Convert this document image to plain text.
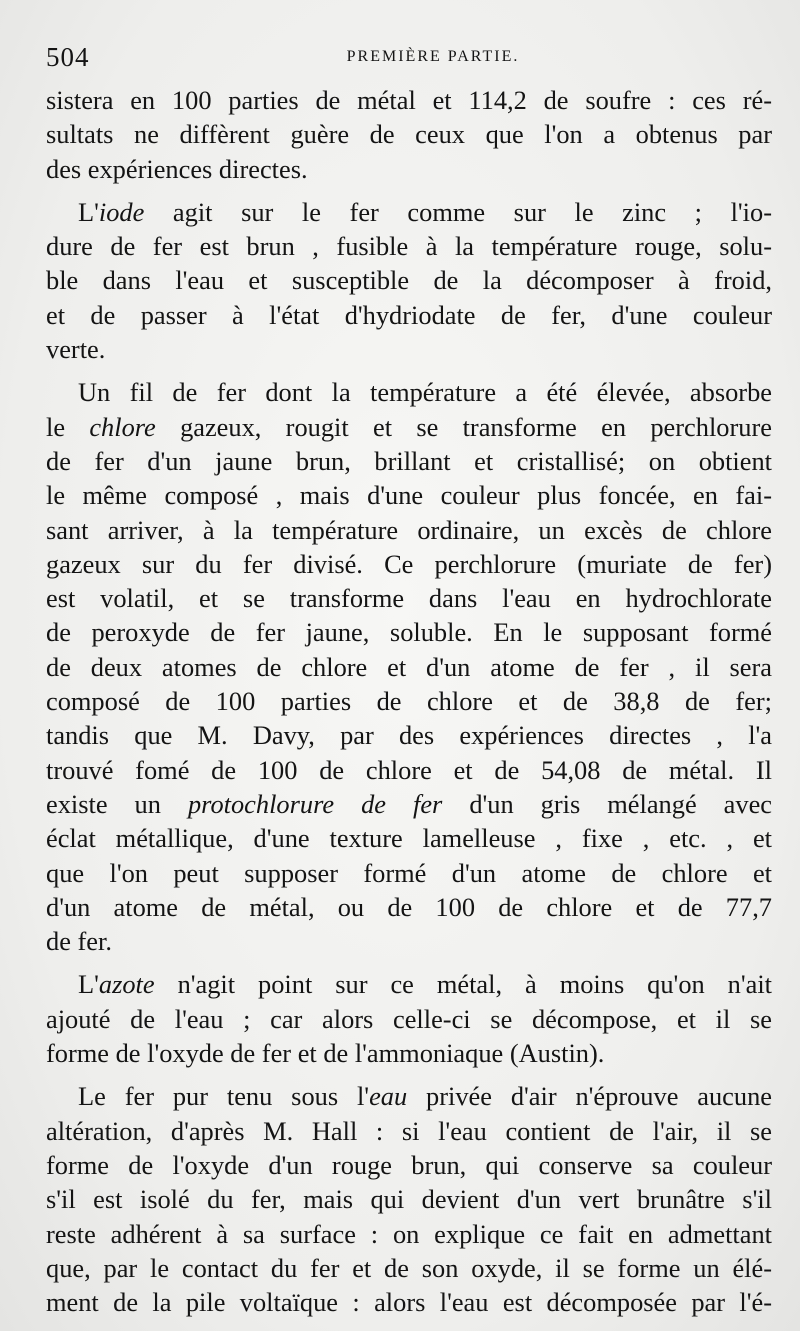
504	PREMIÈRE PARTIE.
sistera en 100 parties de métal et 114,2 de soufre : ces ré-
sultats ne diffèrent guère de ceux que l'on a obtenus par
des expériences directes.
L'iode agit sur le fer comme sur le zinc ; l'io-
dure de fer est brun , fusible à la température rouge, solu-
ble dans l'eau et susceptible de la décomposer à froid,
et de passer à l'état d'hydriodate de fer, d'une couleur
verte.
Un fil de fer dont la température a été élevée, absorbe
le chlore gazeux, rougit et se transforme en perchlorure
de fer d'un jaune brun, brillant et cristallisé; on obtient
le même composé , mais d'une couleur plus foncée, en fai-
sant arriver, à la température ordinaire, un excès de chlore
gazeux sur du fer divisé. Ce perchlorure (muriate de fer)
est volatil, et se transforme dans l'eau en hydrochlorate
de peroxyde de fer jaune, soluble. En le supposant formé
de deux atomes de chlore et d'un atome de fer , il sera
composé de 100 parties de chlore et de 38,8 de fer;
tandis que M. Davy, par des expériences directes , l'a
trouvé fomé de 100 de chlore et de 54,08 de métal. Il
existe un protochlorure de fer d'un gris mélangé avec
éclat métallique, d'une texture lamelleuse , fixe , etc. , et
que l'on peut supposer formé d'un atome de chlore et
d'un atome de métal, ou de 100 de chlore et de 77,7
de fer.
L'azote n'agit point sur ce métal, à moins qu'on n'ait
ajouté de l'eau ; car alors celle-ci se décompose, et il se
forme de l'oxyde de fer et de l'ammoniaque (Austin).
Le fer pur tenu sous l'eau privée d'air n'éprouve aucune
altération, d'après M. Hall : si l'eau contient de l'air, il se
forme de l'oxyde d'un rouge brun, qui conserve sa couleur
s'il est isolé du fer, mais qui devient d'un vert brunâtre s'il
reste adhérent à sa surface : on explique ce fait en admettant
que, par le contact du fer et de son oxyde, il se forme un élé-
ment de la pile voltaïque : alors l'eau est décomposée par l'é-
